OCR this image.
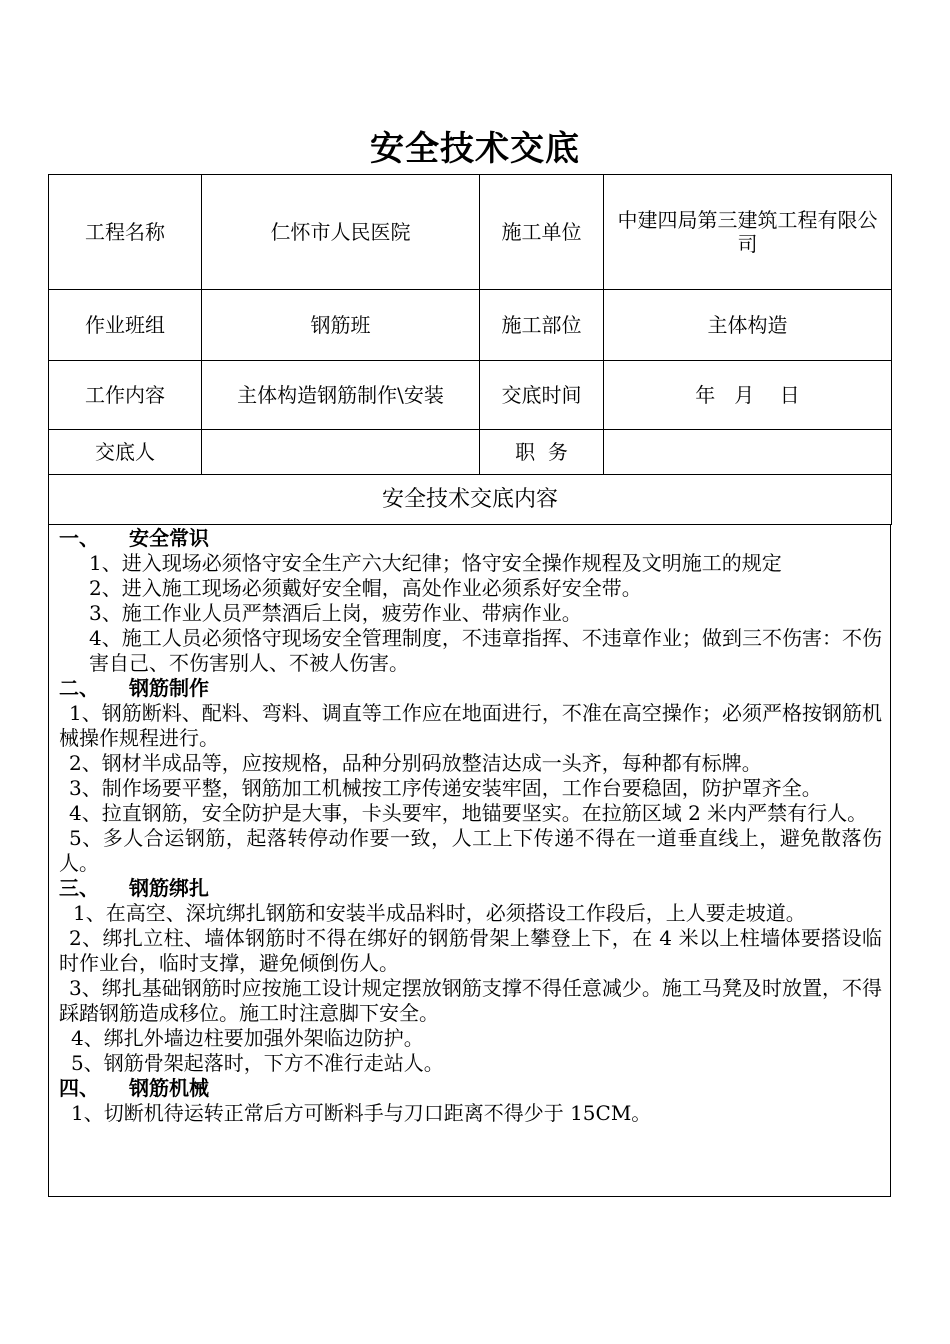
安全技术交底
工程名称	仁怀市人民医院	施工单位	中建四局第三建筑工程有限公司
作业班组	钢筋班	施工部位	主体构造
工作内容	主体构造钢筋制作\安装	交底时间	年   月    日
交底人		职  务	
安全技术交底内容			
一、 安全常识
1、进入现场必须恪守安全生产六大纪律；恪守安全操作规程及文明施工的规定
2、进入施工现场必须戴好安全帽，高处作业必须系好安全带。
3、施工作业人员严禁酒后上岗，疲劳作业、带病作业。
4、施工人员必须恪守现场安全管理制度，不违章指挥、不违章作业；做到三不伤害：不伤害自己、不伤害别人、不被人伤害。
二、 钢筋制作
1、钢筋断料、配料、弯料、调直等工作应在地面进行，不准在高空操作；必须严格按钢筋机械操作规程进行。
2、钢材半成品等，应按规格，品种分别码放整洁达成一头齐，每种都有标牌。
3、制作场要平整，钢筋加工机械按工序传递安装牢固，工作台要稳固，防护罩齐全。
4、拉直钢筋，安全防护是大事，卡头要牢，地锚要坚实。在拉筋区域 2 米内严禁有行人。
5、多人合运钢筋，起落转停动作要一致，人工上下传递不得在一道垂直线上，避免散落伤人。
三、 钢筋绑扎
1、在高空、深坑绑扎钢筋和安装半成品料时，必须搭设工作段后，上人要走坡道。
2、绑扎立柱、墙体钢筋时不得在绑好的钢筋骨架上攀登上下，在 4 米以上柱墙体要搭设临时作业台，临时支撑，避免倾倒伤人。
3、绑扎基础钢筋时应按施工设计规定摆放钢筋支撑不得任意减少。施工马凳及时放置，不得踩踏钢筋造成移位。施工时注意脚下安全。
4、绑扎外墙边柱要加强外架临边防护。
5、钢筋骨架起落时，下方不准行走站人。
四、 钢筋机械
1、切断机待运转正常后方可断料手与刀口距离不得少于 15CM。
